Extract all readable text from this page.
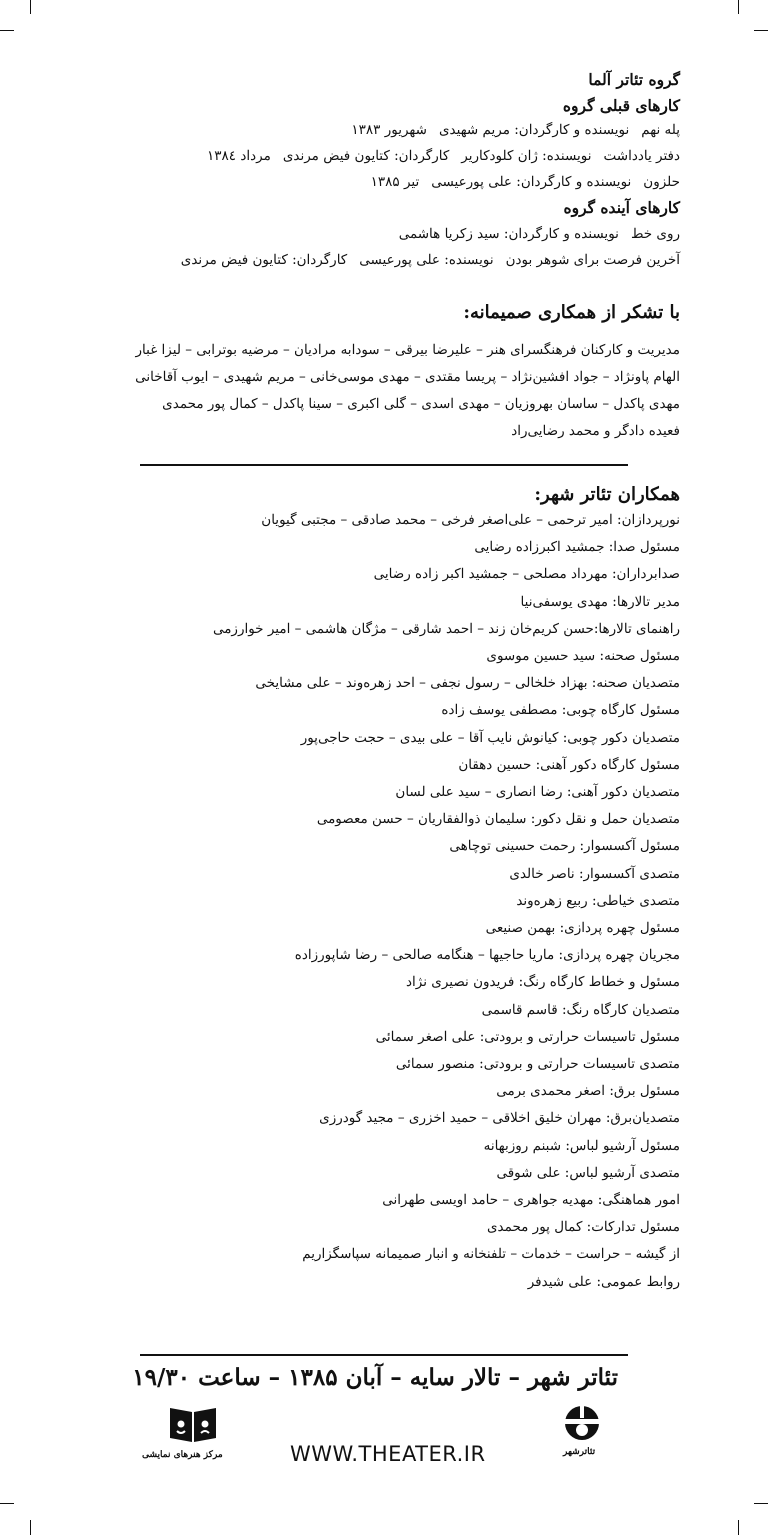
گروه تئاتر آلما
کارهای قبلی گروه
پله نهمنویسنده و کارگردان: مریم شهیدیشهریور ۱۳۸۳
دفتر یادداشتنویسنده: ژان کلودکاریرکارگردان: کتایون فیض مرندیمرداد ۱۳۸٤
حلزوننویسنده و کارگردان: علی پورعیسیتیر ۱۳۸۵
کارهای آینده گروه
روی خطنویسنده و کارگردان: سید زکریا هاشمی
آخرین فرصت برای شوهر بودننویسنده: علی پورعیسیکارگردان: کتایون فیض مرندی
با تشکر از همکاری صمیمانه:
مدیریت و کارکنان فرهنگسرای هنر – علیرضا بیرقی – سودابه مرادیان – مرضیه بوترابی – لیزا غبار
الهام پاونژاد – جواد افشین‌نژاد – پریسا مقتدی – مهدی موسی‌خانی – مریم شهیدی – ایوب آقاخانی
مهدی پاکدل – ساسان بهروزیان – مهدی اسدی – گلی اکبری – سینا پاکدل – کمال پور محمدی
فعیده دادگر و محمد رضایی‌راد
همکاران تئاتر شهر:
نورپردازان: امیر ترحمی – علی‌اصغر فرخی – محمد صادقی – مجتبی گیویان
مسئول صدا: جمشید اکبرزاده رضایی
صدابرداران: مهرداد مصلحی – جمشید اکبر زاده رضایی
مدیر تالارها: مهدی یوسفی‌نیا
راهنمای تالارها:حسن کریم‌خان زند – احمد شارقی – مژگان هاشمی – امیر خوارزمی
مسئول صحنه: سید حسین موسوی
متصدیان صحنه: بهزاد خلخالی – رسول نجفی – احد زهره‌وند – علی مشایخی
مسئول کارگاه چوبی: مصطفی یوسف زاده
متصدیان دکور چوبی: کیانوش نایب آقا – علی بیدی – حجت حاجی‌پور
مسئول کارگاه دکور آهنی: حسین دهقان
متصدیان دکور آهنی: رضا انصاری – سید علی لسان
متصدیان حمل و نقل دکور: سلیمان ذوالفقاریان – حسن معصومی
مسئول آکسسوار: رحمت حسینی توچاهی
متصدی آکسسوار: ناصر خالدی
متصدی خیاطی: ربیع زهره‌وند
مسئول چهره پردازی: بهمن صنیعی
مجریان چهره پردازی: ماریا حاجیها – هنگامه صالحی – رضا شاپورزاده
مسئول و خطاط کارگاه رنگ: فریدون نصیری نژاد
متصدیان کارگاه رنگ: قاسم قاسمی
مسئول تاسیسات حرارتی و برودتی: علی اصغر سمائی
متصدی تاسیسات حرارتی و برودتی: منصور سمائی
مسئول برق: اصغر محمدی برمی
متصدیان‌برق: مهران خلیق اخلاقی – حمید اخزری – مجید گودرزی
مسئول آرشیو لباس: شبنم روزبهانه
متصدی آرشیو لباس: علی شوقی
امور هماهنگی: مهدیه جواهری – حامد اویسی طهرانی
مسئول تدارکات: کمال پور محمدی
از گیشه – حراست – خدمات – تلفنخانه و انبار صمیمانه سپاسگزاریم
روابط عمومی: علی شیدفر
تئاتر شهر – تالار سایه – آبان ۱۳۸۵ – ساعت ۱۹/۳۰
تئاتر‌شهر
مرکز هنرهای نمایشی	WWW.THEATER.IR
